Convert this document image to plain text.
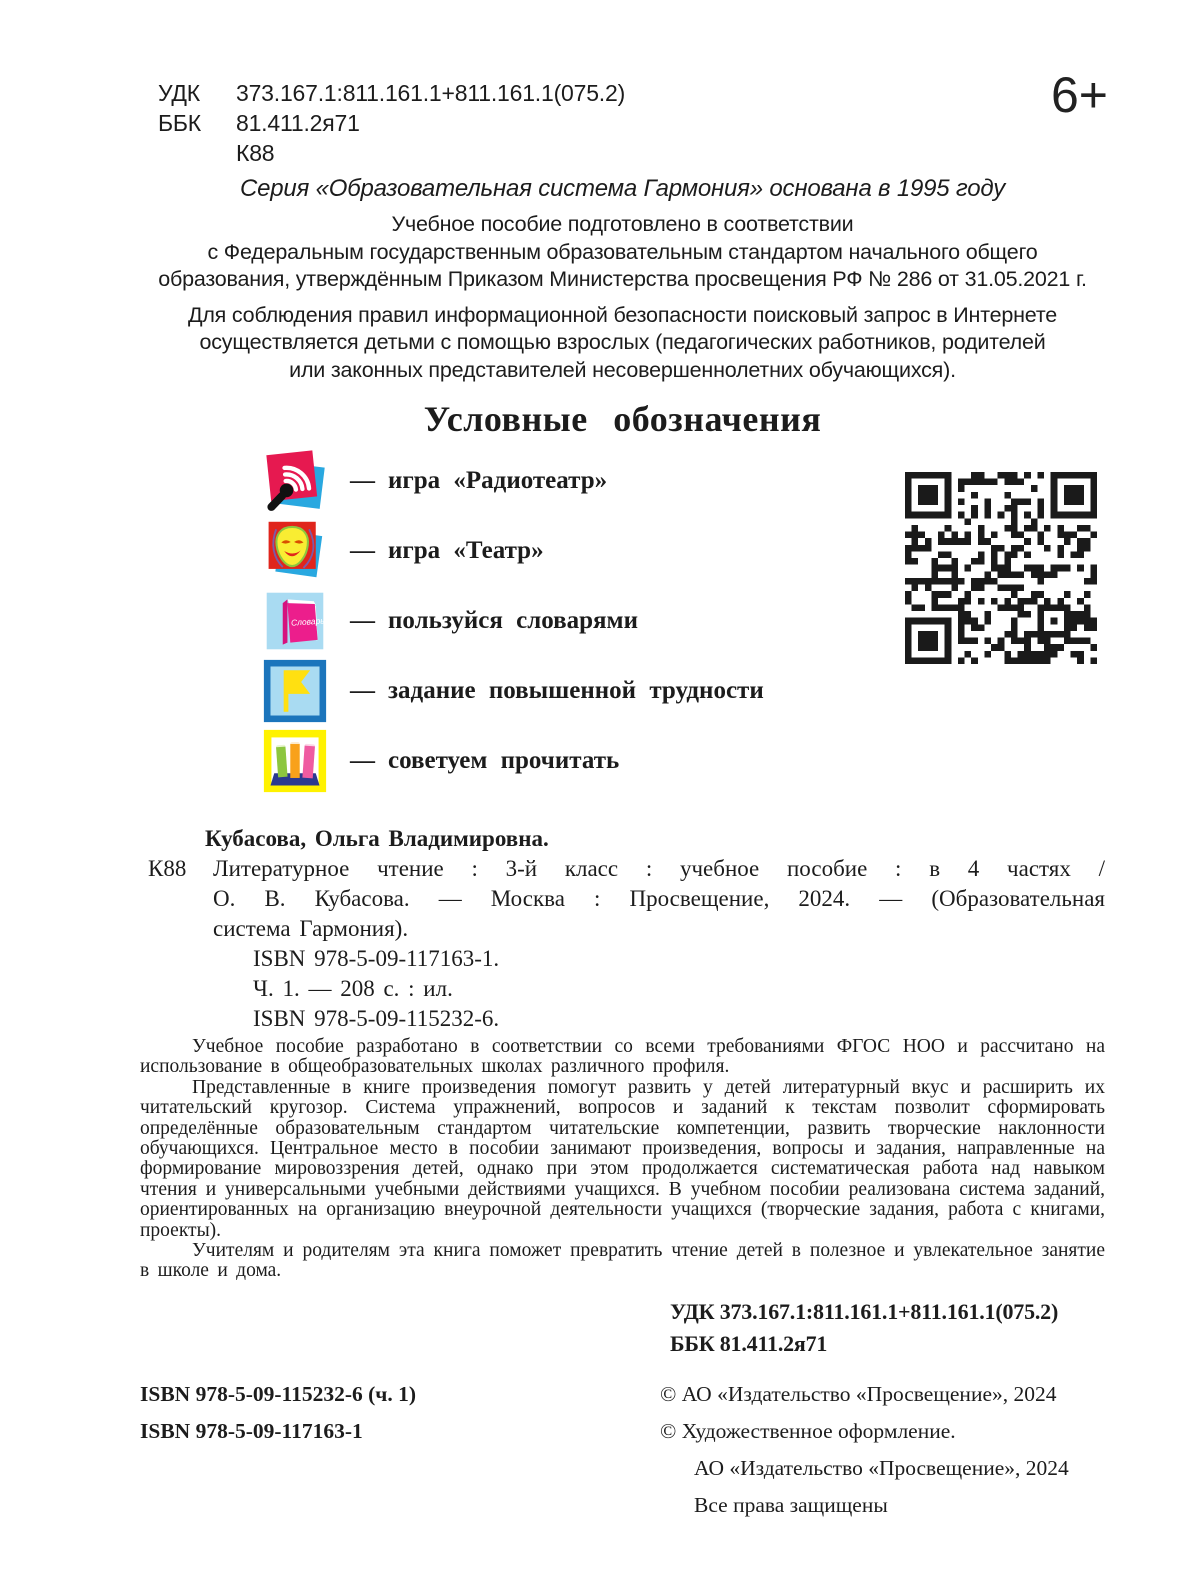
6+
УДК	373.167.1:811.161.1+811.161.1(075.2)
ББК	81.411.2я71
К88
Серия «Образовательная система Гармония» основана в 1995 году
Учебное пособие подготовлено в соответствии
с Федеральным государственным образовательным стандартом начального общего
образования, утверждённым Приказом Министерства просвещения РФ № 286 от 31.05.2021 г.
Для соблюдения правил информационной безопасности поисковый запрос в Интернете
осуществляется детьми с помощью взрослых (педагогических работников, родителей
или законных представителей несовершеннолетних обучающихся).
Условные обозначения
— игра «Радиотеатр»
— игра «Театр»
Словарь — пользуйся словарями
— задание повышенной трудности
— советуем прочитать
Кубасова, Ольга Владимировна.
К88	Литературное чтение : 3-й класс : учебное пособие : в 4 частях /
О. В. Кубасова. — Москва : Просвещение, 2024. — (Образовательная
система Гармония).
ISBN 978-5-09-117163-1.
Ч. 1. — 208 с. : ил.
ISBN 978-5-09-115232-6.

Учебное пособие разработано в соответствии со всеми требованиями ФГОС НОО и рассчитано на использование в общеобразовательных школах различного профиля.

Представленные в книге произведения помогут развить у детей литературный вкус и расширить их читательский кругозор. Система упражнений, вопросов и заданий к текстам позволит сформировать определённые образовательным стандартом читательские компетенции, развить творческие наклонности обучающихся. Центральное место в пособии занимают произведения, вопросы и задания, направленные на формирование мировоззрения детей, однако при этом продолжается систематическая работа над навыком чтения и универсальными учебными действиями учащихся. В учебном пособии реализована система заданий, ориентированных на организацию внеурочной деятельности учащихся (творческие задания, работа с книгами, проекты).

Учителям и родителям эта книга поможет превратить чтение детей в полезное и увлекательное занятие в школе и дома.

УДК 373.167.1:811.161.1+811.161.1(075.2)
ББК 81.411.2я71
ISBN 978-5-09-115232-6 (ч. 1)
ISBN 978-5-09-117163-1
© АО «Издательство «Просвещение», 2024
© Художественное оформление.
АО «Издательство «Просвещение», 2024
Все права защищены
